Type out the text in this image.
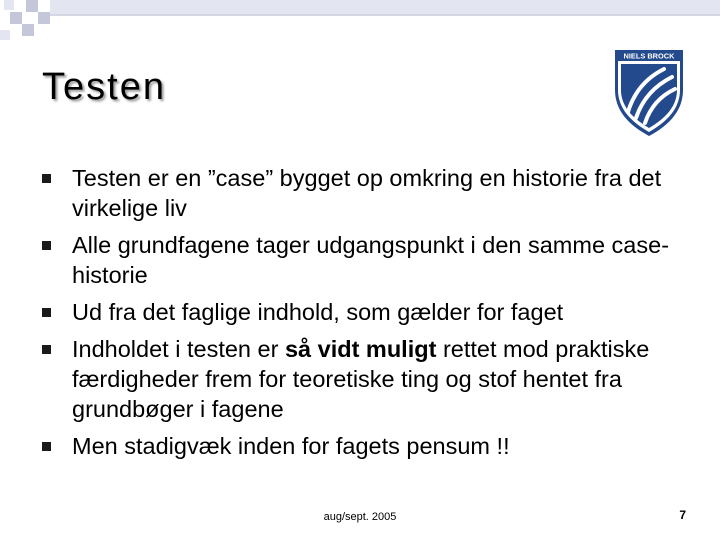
Testen
NIELS BROCK
Testen er en ”case” bygget op omkring en historie fra det virkelige liv
Alle grundfagene tager udgangspunkt i den samme case-historie
Ud fra det faglige indhold, som gælder for faget
Indholdet i testen er så vidt muligt rettet mod praktiske færdigheder frem for teoretiske ting og stof hentet fra grundbøger i fagene
Men stadigvæk inden for fagets pensum !!
aug/sept. 2005	7
